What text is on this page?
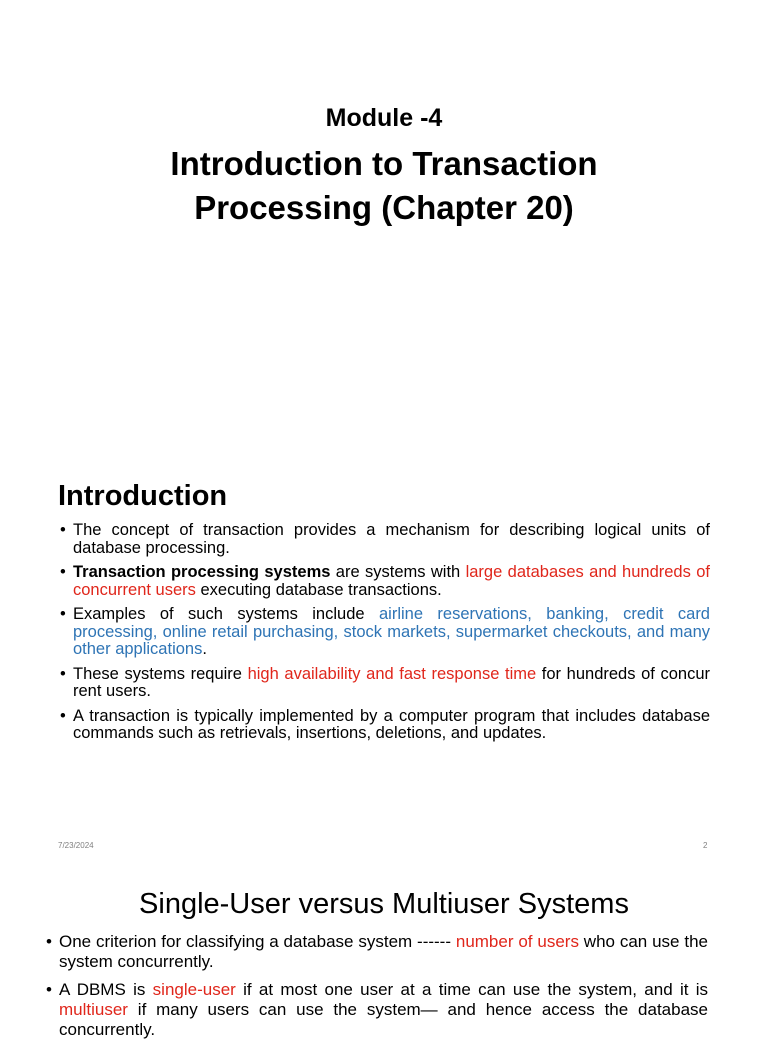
Module -4
Introduction to Transaction
Processing (Chapter 20)
Introduction
• The concept of transaction provides a mechanism for describing logical units of database processing.
• Transaction processing systems are systems with large databases and hundreds of concurrent users executing database transactions.
• Examples of such systems include airline reservations, banking, credit card processing, online retail purchasing, stock markets, supermarket checkouts, and many other applications.
• These systems require high availability and fast response time for hundreds of concur rent users.
• A transaction is typically implemented by a computer program that includes database commands such as retrievals, insertions, deletions, and updates.
7/23/2024	2
Single-User versus Multiuser Systems
• One criterion for classifying a database system ------ number of users who can use the system concurrently.
• A DBMS is single-user if at most one user at a time can use the system, and it is multiuser if many users can use the system— and hence access the database concurrently.
